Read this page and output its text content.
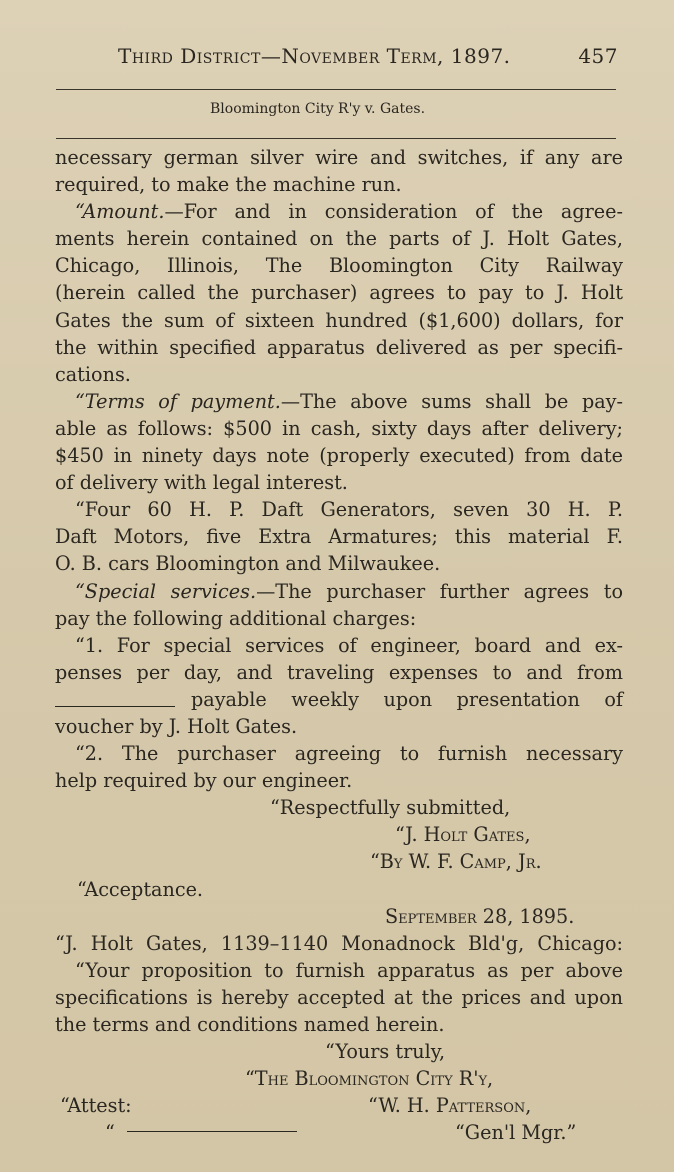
Third District—November Term, 1897.	457
Bloomington City R'y v. Gates.
necessary german silver wire and switches, if any are
required, to make the machine run.
“Amount.—For and in consideration of the agree-
ments herein contained on the parts of J. Holt Gates,
Chicago, Illinois, The Bloomington City Railway
(herein called the purchaser) agrees to pay to J. Holt
Gates the sum of sixteen hundred ($1,600) dollars, for
the within specified apparatus delivered as per specifi-
cations.
“Terms of payment.—The above sums shall be pay-
able as follows: $500 in cash, sixty days after delivery;
$450 in ninety days note (properly executed) from date
of delivery with legal interest.
“Four 60 H. P. Daft Generators, seven 30 H. P.
Daft Motors, five Extra Armatures; this material F.
O. B. cars Bloomington and Milwaukee.
“Special services.—The purchaser further agrees to
pay the following additional charges:
“1. For special services of engineer, board and ex-
penses per day, and traveling expenses to and from
payable weekly upon presentation of
voucher by J. Holt Gates.
“2. The purchaser agreeing to furnish necessary
help required by our engineer.
“Respectfully submitted,
“J. Holt Gates,
“By W. F. Camp, Jr.
“Acceptance.
September 28, 1895.
“J. Holt Gates, 1139–1140 Monadnock Bld'g, Chicago:
“Your proposition to furnish apparatus as per above
specifications is hereby accepted at the prices and upon
the terms and conditions named herein.
“Yours truly,
“The Bloomington City R'y,
“Attest:	“W. H. Patterson,
“	“Gen'l Mgr.”
